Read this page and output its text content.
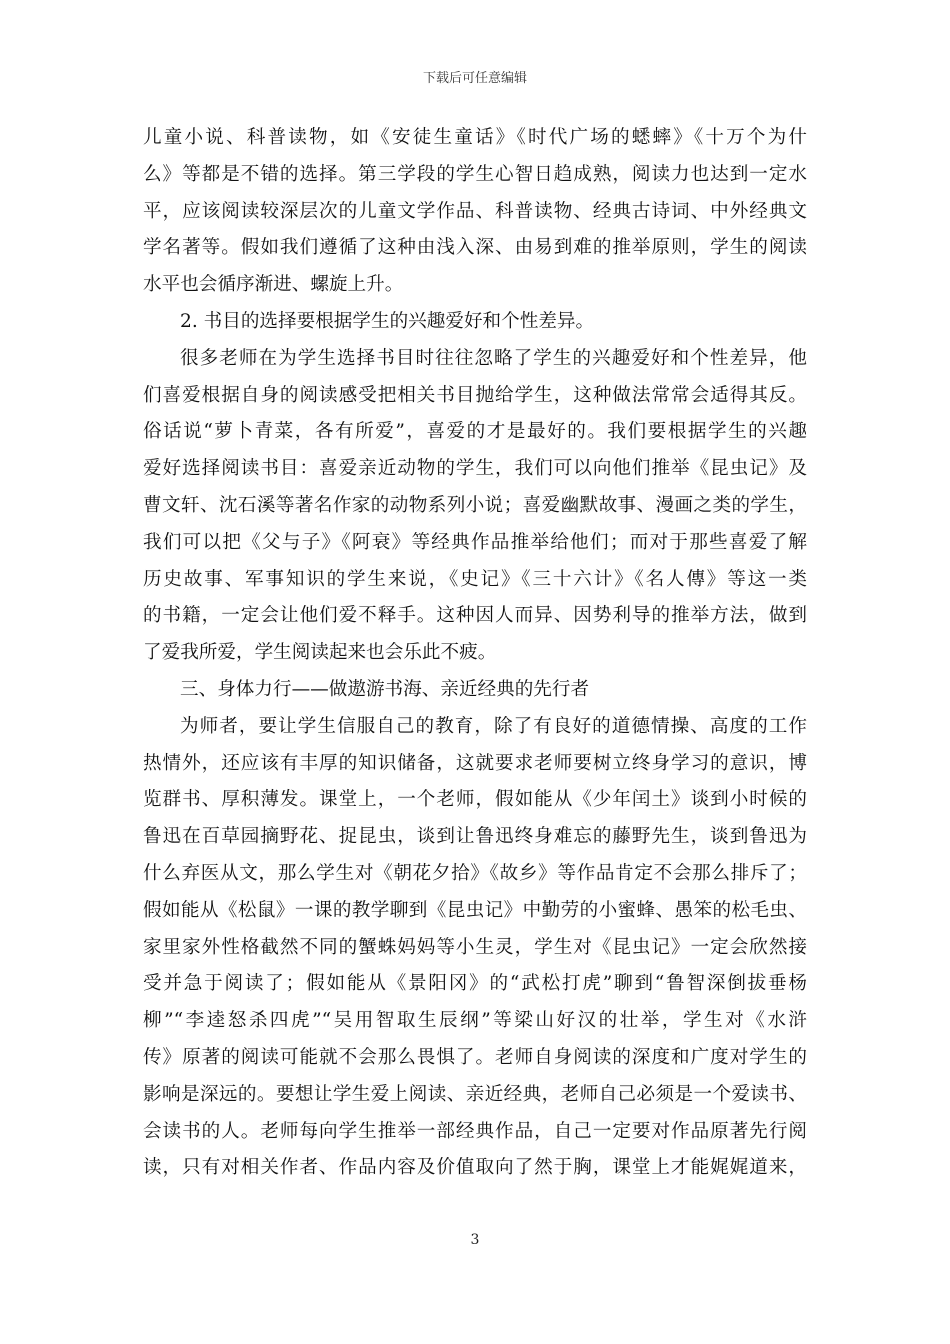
下载后可任意编辑
儿童小说、科普读物，如《安徒生童话》《时代广场的蟋蟀》《十万个为什
么》等都是不错的选择。第三学段的学生心智日趋成熟，阅读力也达到一定水
平，应该阅读较深层次的儿童文学作品、科普读物、经典古诗词、中外经典文
学名著等。假如我们遵循了这种由浅入深、由易到难的推举原则，学生的阅读
水平也会循序渐进、螺旋上升。
2. 书目的选择要根据学生的兴趣爱好和个性差异。
很多老师在为学生选择书目时往往忽略了学生的兴趣爱好和个性差异，他
们喜爱根据自身的阅读感受把相关书目抛给学生，这种做法常常会适得其反。
俗话说“萝卜青菜，各有所爱”，喜爱的才是最好的。我们要根据学生的兴趣
爱好选择阅读书目：喜爱亲近动物的学生，我们可以向他们推举《昆虫记》及
曹文轩、沈石溪等著名作家的动物系列小说；喜爱幽默故事、漫画之类的学生，
我们可以把《父与子》《阿衰》等经典作品推举给他们；而对于那些喜爱了解
历史故事、军事知识的学生来说，《史记》《三十六计》《名人傳》等这一类
的书籍，一定会让他们爱不释手。这种因人而异、因势利导的推举方法，做到
了爱我所爱，学生阅读起来也会乐此不疲。
三、身体力行——做遨游书海、亲近经典的先行者
为师者，要让学生信服自己的教育，除了有良好的道德情操、高度的工作
热情外，还应该有丰厚的知识储备，这就要求老师要树立终身学习的意识，博
览群书、厚积薄发。课堂上，一个老师，假如能从《少年闰土》谈到小时候的
鲁迅在百草园摘野花、捉昆虫，谈到让鲁迅终身难忘的藤野先生，谈到鲁迅为
什么弃医从文，那么学生对《朝花夕拾》《故乡》等作品肯定不会那么排斥了；
假如能从《松鼠》一课的教学聊到《昆虫记》中勤劳的小蜜蜂、愚笨的松毛虫、
家里家外性格截然不同的蟹蛛妈妈等小生灵，学生对《昆虫记》一定会欣然接
受并急于阅读了；假如能从《景阳冈》的“武松打虎”聊到“鲁智深倒拔垂杨
柳”“李逵怒杀四虎”“吴用智取生辰纲”等梁山好汉的壮举，学生对《水浒
传》原著的阅读可能就不会那么畏惧了。老师自身阅读的深度和广度对学生的
影响是深远的。要想让学生爱上阅读、亲近经典，老师自己必须是一个爱读书、
会读书的人。老师每向学生推举一部经典作品，自己一定要对作品原著先行阅
读，只有对相关作者、作品内容及价值取向了然于胸，课堂上才能娓娓道来，
3
